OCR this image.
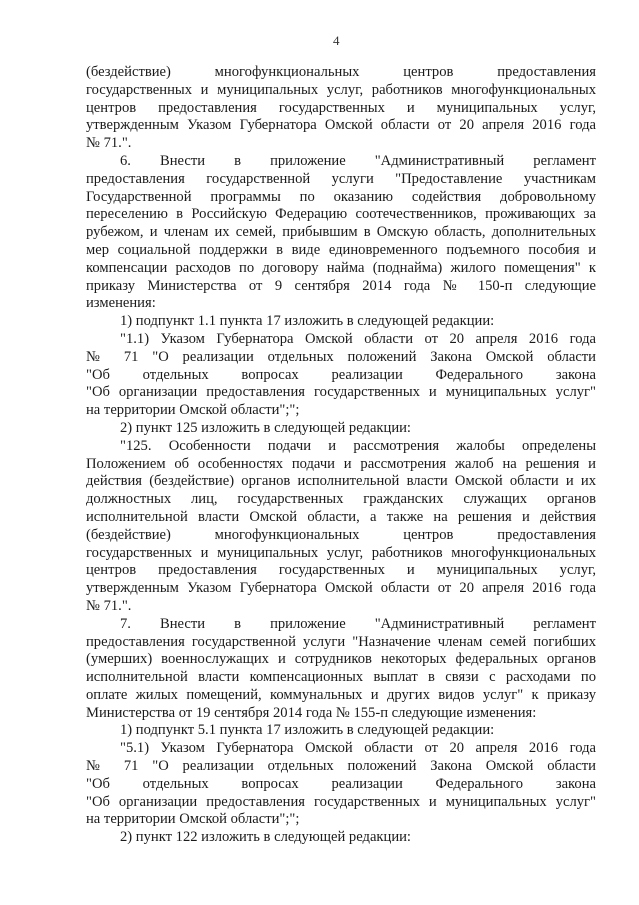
4
(бездействие) многофункциональных центров предоставления
государственных и муниципальных услуг, работников многофункциональных
центров предоставления государственных и муниципальных услуг,
утвержденным Указом Губернатора Омской области от 20 апреля 2016 года
№ 71.".
6. Внести в приложение "Административный регламент
предоставления государственной услуги "Предоставление участникам
Государственной программы по оказанию содействия добровольному
переселению в Российскую Федерацию соотечественников, проживающих за
рубежом, и членам их семей, прибывшим в Омскую область, дополнительных
мер социальной поддержки в виде единовременного подъемного пособия и
компенсации расходов по договору найма (поднайма) жилого помещения" к
приказу Министерства от 9 сентября 2014 года № 150-п следующие
изменения:
1) подпункт 1.1 пункта 17 изложить в следующей редакции:
"1.1) Указом Губернатора Омской области от 20 апреля 2016 года
№ 71 "О реализации отдельных положений Закона Омской области
"Об отдельных вопросах реализации Федерального закона
"Об организации предоставления государственных и муниципальных услуг"
на территории Омской области";";
2) пункт 125 изложить в следующей редакции:
"125. Особенности подачи и рассмотрения жалобы определены
Положением об особенностях подачи и рассмотрения жалоб на решения и
действия (бездействие) органов исполнительной власти Омской области и их
должностных лиц, государственных гражданских служащих органов
исполнительной власти Омской области, а также на решения и действия
(бездействие) многофункциональных центров предоставления
государственных и муниципальных услуг, работников многофункциональных
центров предоставления государственных и муниципальных услуг,
утвержденным Указом Губернатора Омской области от 20 апреля 2016 года
№ 71.".
7. Внести в приложение "Административный регламент
предоставления государственной услуги "Назначение членам семей погибших
(умерших) военнослужащих и сотрудников некоторых федеральных органов
исполнительной власти компенсационных выплат в связи с расходами по
оплате жилых помещений, коммунальных и других видов услуг" к приказу
Министерства от 19 сентября 2014 года № 155-п следующие изменения:
1) подпункт 5.1 пункта 17 изложить в следующей редакции:
"5.1) Указом Губернатора Омской области от 20 апреля 2016 года
№ 71 "О реализации отдельных положений Закона Омской области
"Об отдельных вопросах реализации Федерального закона
"Об организации предоставления государственных и муниципальных услуг"
на территории Омской области";";
2) пункт 122 изложить в следующей редакции:
